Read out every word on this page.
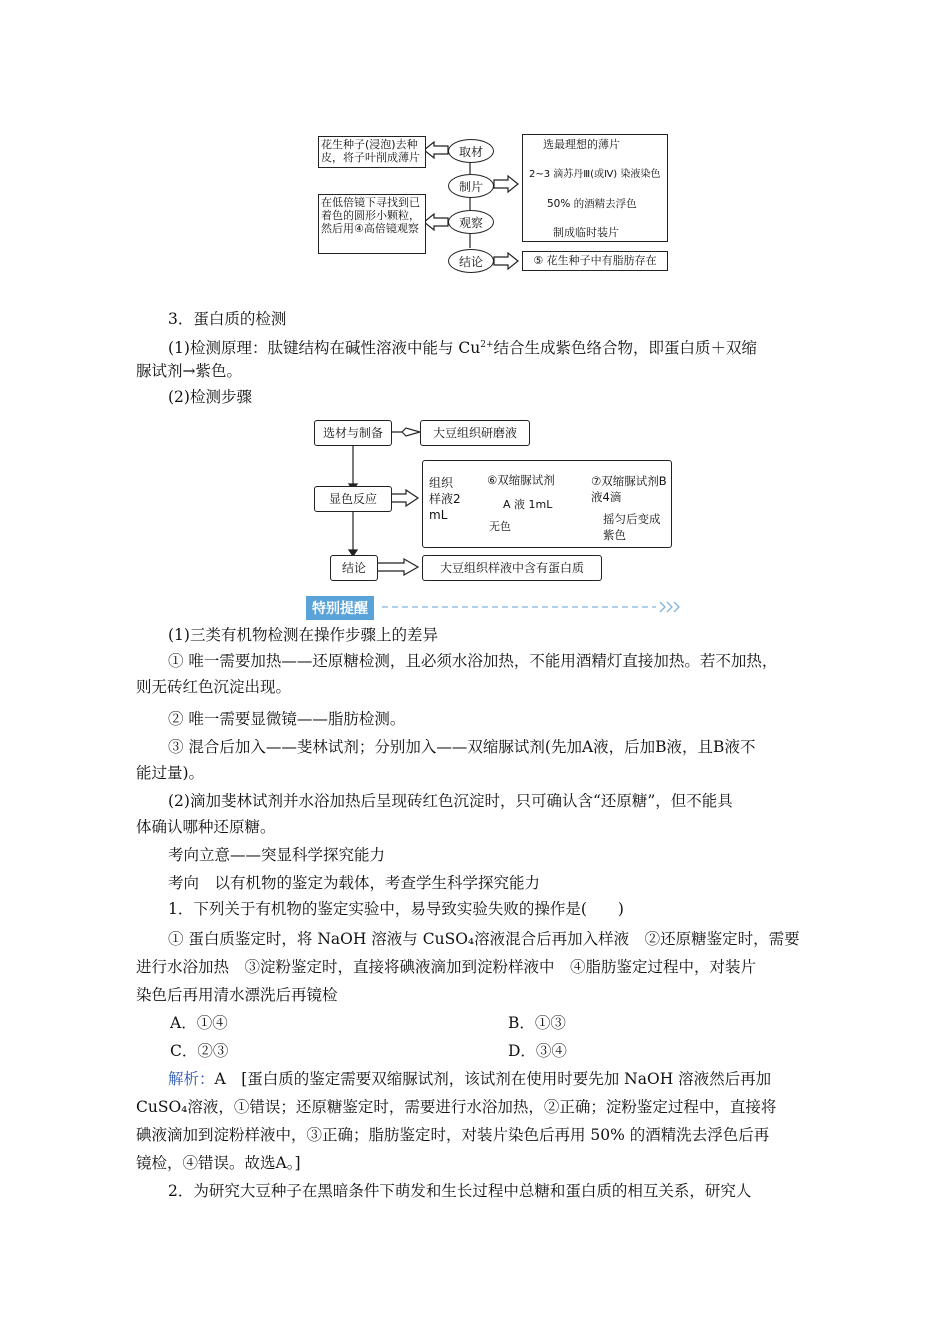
花生种子(浸泡)去种皮，将子叶削成薄片
在低倍镜下寻找到已着色的圆形小颗粒，然后用④高倍镜观察
取材
制片
观察
结论
选最理想的薄片
2~3 滴苏丹Ⅲ(或Ⅳ) 染液染色
50% 的酒精去浮色
制成临时装片
⑤ 花生种子中有脂肪存在
3．蛋白质的检测
(1)检测原理：肽键结构在碱性溶液中能与 $Cu^{2+}$结合生成紫色络合物，即蛋白质＋双缩
脲试剂→紫色。
(2)检测步骤
选材与制备	大豆组织研磨液
显色反应
组织样液2 mL
⑥双缩脲试剂
A 液 1mL
无色
⑦双缩脲试剂B液4滴
摇匀后变成紫色
结论	大豆组织样液中含有蛋白质
特别提醒
(1)三类有机物检测在操作步骤上的差异
① 唯一需要加热——还原糖检测，且必须水浴加热，不能用酒精灯直接加热。若不加热，
则无砖红色沉淀出现。
② 唯一需要显微镜——脂肪检测。
③ 混合后加入——斐林试剂；分别加入——双缩脲试剂(先加A液，后加B液，且B液不
能过量)。
(2)滴加斐林试剂并水浴加热后呈现砖红色沉淀时，只可确认含“还原糖”，但不能具
体确认哪种还原糖。
考向立意——突显科学探究能力
考向　以有机物的鉴定为载体，考查学生科学探究能力
1．下列关于有机物的鉴定实验中，易导致实验失败的操作是(　　)
① 蛋白质鉴定时，将 NaOH 溶液与 CuSO₄溶液混合后再加入样液　②还原糖鉴定时，需要
进行水浴加热　③淀粉鉴定时，直接将碘液滴加到淀粉样液中　④脂肪鉴定过程中，对装片
染色后再用清水漂洗后再镜检
A．①④	B．①③
C．②③	D．③④
解析：A　[蛋白质的鉴定需要双缩脲试剂，该试剂在使用时要先加 NaOH 溶液然后再加
CuSO₄溶液，①错误；还原糖鉴定时，需要进行水浴加热，②正确；淀粉鉴定过程中，直接将
碘液滴加到淀粉样液中，③正确；脂肪鉴定时，对装片染色后再用 50% 的酒精洗去浮色后再
镜检，④错误。故选A。]
2．为研究大豆种子在黑暗条件下萌发和生长过程中总糖和蛋白质的相互关系，研究人
